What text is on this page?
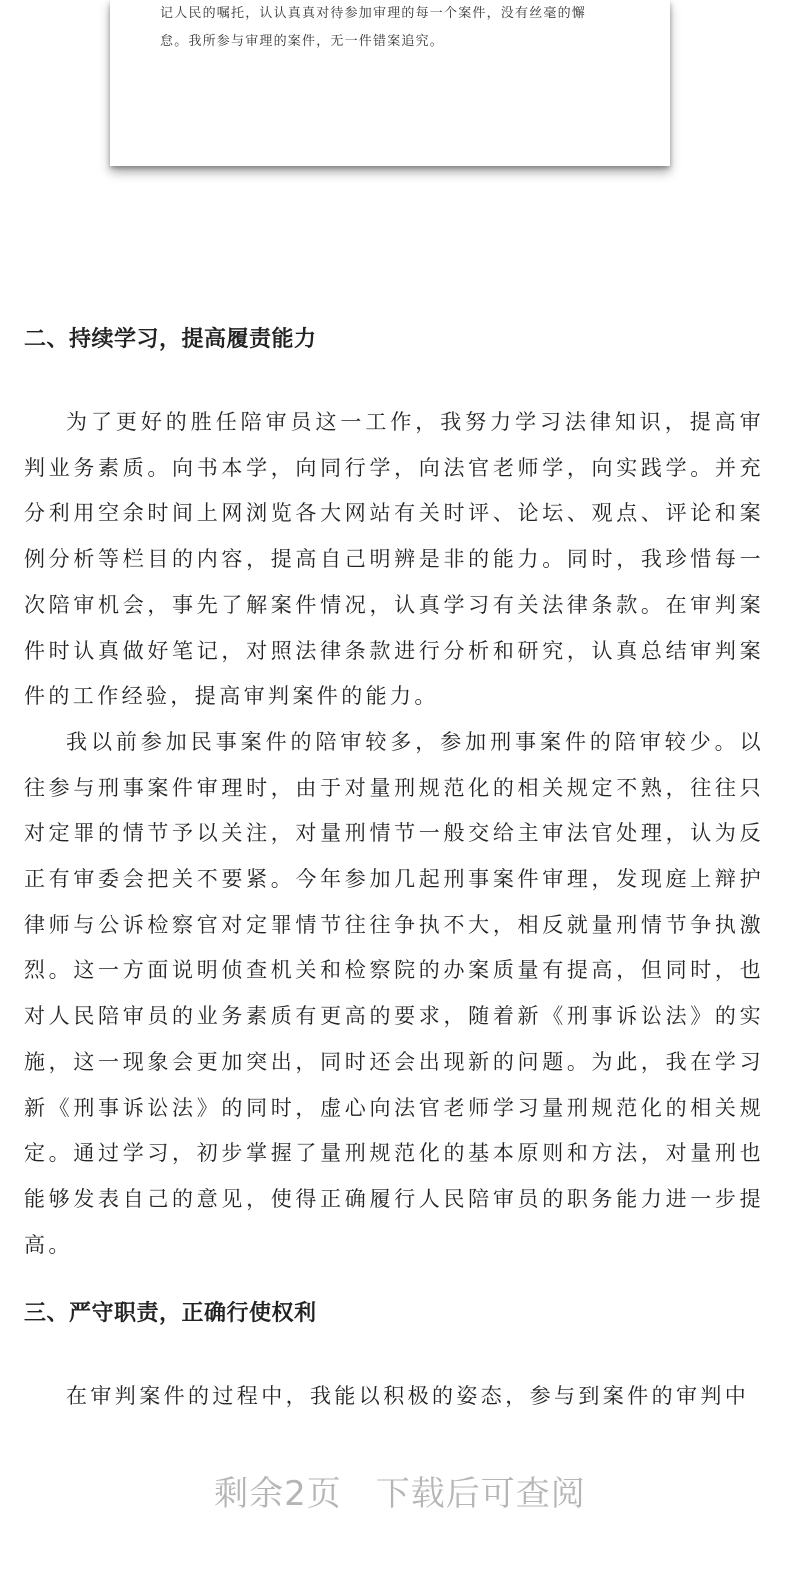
记人民的嘱托，认认真真对待参加审理的每一个案件，没有丝毫的懈

怠。我所参与审理的案件，无一件错案追究。

二、持续学习，提高履责能力

为了更好的胜任陪审员这一工作，我努力学习法律知识，提高审判业务素质。向书本学，向同行学，向法官老师学，向实践学。并充分利用空余时间上网浏览各大网站有关时评、论坛、观点、评论和案例分析等栏目的内容，提高自己明辨是非的能力。同时，我珍惜每一次陪审机会，事先了解案件情况，认真学习有关法律条款。在审判案件时认真做好笔记，对照法律条款进行分析和研究，认真总结审判案件的工作经验，提高审判案件的能力。

我以前参加民事案件的陪审较多，参加刑事案件的陪审较少。以往参与刑事案件审理时，由于对量刑规范化的相关规定不熟，往往只对定罪的情节予以关注，对量刑情节一般交给主审法官处理，认为反正有审委会把关不要紧。今年参加几起刑事案件审理，发现庭上辩护律师与公诉检察官对定罪情节往往争执不大，相反就量刑情节争执激烈。这一方面说明侦查机关和检察院的办案质量有提高，但同时，也对人民陪审员的业务素质有更高的要求，随着新《刑事诉讼法》的实施，这一现象会更加突出，同时还会出现新的问题。为此，我在学习新《刑事诉讼法》的同时，虚心向法官老师学习量刑规范化的相关规定。通过学习，初步掌握了量刑规范化的基本原则和方法，对量刑也能够发表自己的意见，使得正确履行人民陪审员的职务能力进一步提高。

三、严守职责，正确行使权利

在审判案件的过程中，我能以积极的姿态，参与到案件的审判中

剩余2页 下载后可查阅
